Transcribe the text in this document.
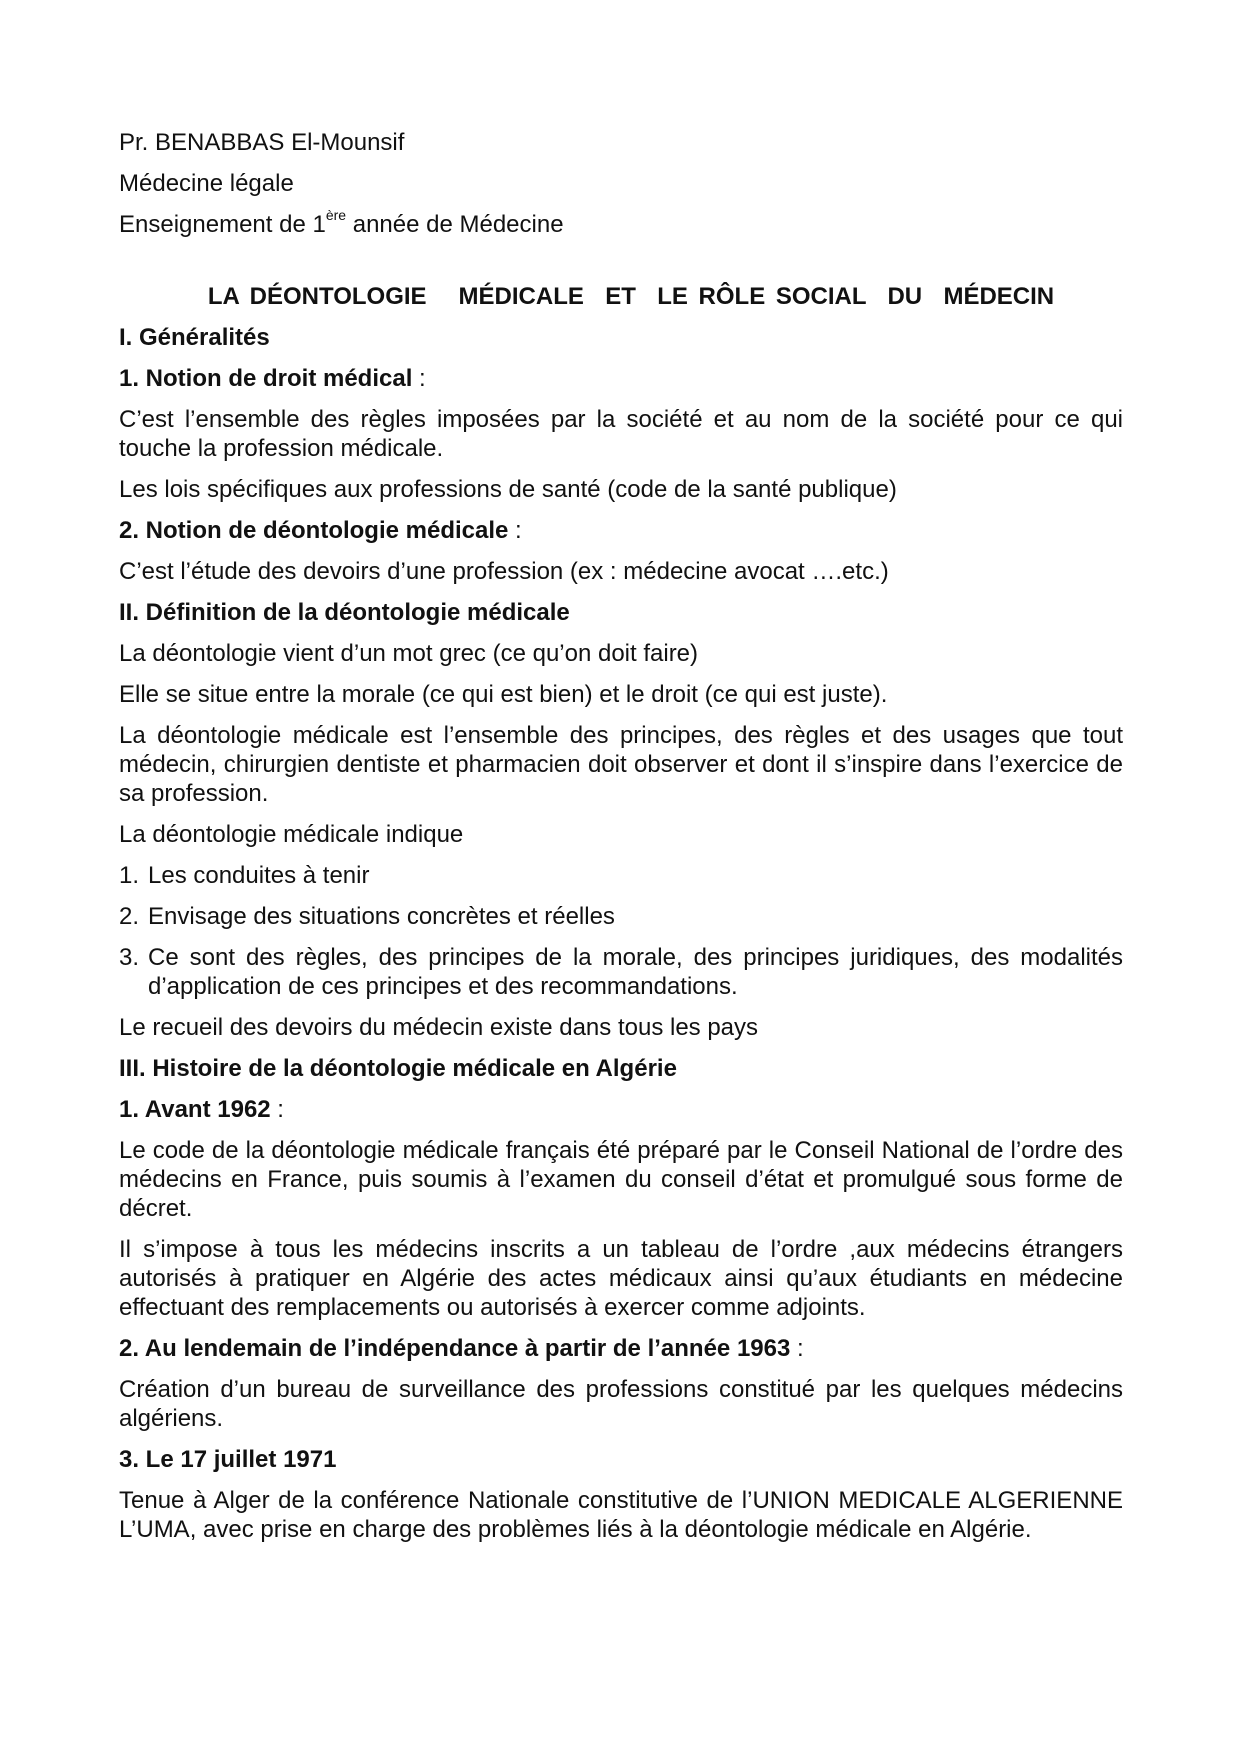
Pr. BENABBAS El-Mounsif
Médecine légale
Enseignement de 1ère année de Médecine
LA DÉONTOLOGIE   MÉDICALE  ET  LE RÔLE SOCIAL  DU  MÉDECIN
I. Généralités
1. Notion de droit médical :

C’est l’ensemble des règles imposées par la société et au nom de la société pour ce qui touche la profession médicale.

Les lois spécifiques aux professions de santé (code de la santé publique)

2. Notion de déontologie médicale :

C’est l’étude des devoirs d’une profession (ex : médecine avocat ….etc.)

II. Définition de la déontologie médicale

La déontologie vient d’un mot grec (ce qu’on doit faire)

Elle se situe entre la morale (ce qui est bien) et le droit (ce qui est juste).

La déontologie médicale est l’ensemble des principes, des règles et des usages que tout médecin, chirurgien dentiste et pharmacien doit observer et dont il s’inspire dans l’exercice de sa profession.

La déontologie médicale indique

1. Les conduites à tenir
2. Envisage des situations concrètes et réelles
3. Ce sont des règles, des principes de la morale, des principes juridiques, des modalités d’application de ces principes et des recommandations.

Le recueil des devoirs du médecin existe dans tous les pays

III. Histoire de la déontologie médicale en Algérie
1. Avant 1962 :

Le code de la déontologie médicale français été préparé par le Conseil National de l’ordre des médecins en France, puis soumis à l’examen du conseil d’état et promulgué sous forme de décret.

Il s’impose à tous les médecins inscrits a un tableau de l’ordre ,aux médecins étrangers autorisés à pratiquer en Algérie des actes médicaux ainsi qu’aux étudiants en médecine effectuant des remplacements ou autorisés à exercer comme adjoints.

2. Au lendemain de l’indépendance à partir de l’année 1963 :

Création d’un bureau de surveillance des professions constitué par les quelques médecins algériens.

3. Le 17 juillet 1971

Tenue à Alger de la conférence Nationale constitutive de l’UNION MEDICALE ALGERIENNE L’UMA, avec prise en charge des problèmes liés à la déontologie médicale en Algérie.
